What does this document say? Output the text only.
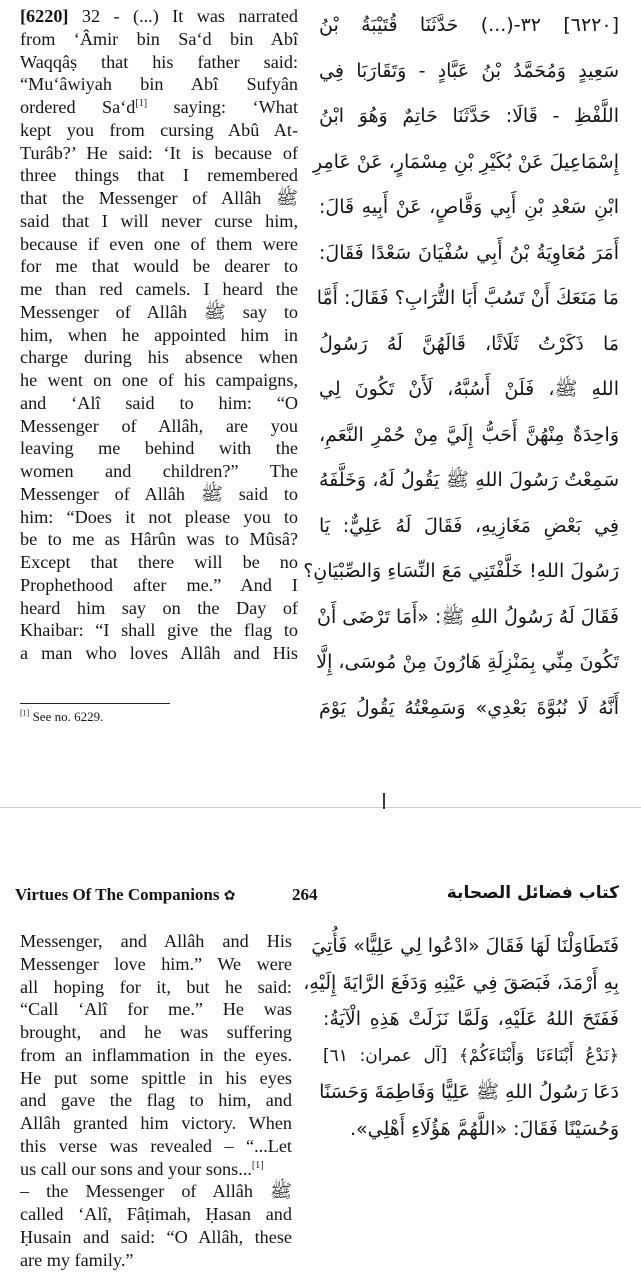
[6220] 32 - (...) It was narrated
from ‘Âmir bin Sa‘d bin Abî
Waqqâṣ that his father said:
“Mu‘âwiyah bin Abî Sufyân
ordered Sa‘d[1] saying: ‘What
kept you from cursing Abû At-
Turâb?’ He said: ‘It is because of
three things that I remembered
that the Messenger of Allâh ﷺ
said that I will never curse him,
because if even one of them were
for me that would be dearer to
me than red camels. I heard the
Messenger of Allâh ﷺ say to
him, when he appointed him in
charge during his absence when
he went on one of his campaigns,
and ‘Alî said to him: “O
Messenger of Allâh, are you
leaving me behind with the
women and children?” The
Messenger of Allâh ﷺ said to
him: “Does it not please you to
be to me as Hârûn was to Mûsâ?
Except that there will be no
Prophethood after me.” And I
heard him say on the Day of
Khaibar: “I shall give the flag to
a man who loves Allâh and His
[٦٢٢٠] ٣٢-(...) حَدَّثَنَا قُتَيْبَةُ بْنُ
سَعِيدٍ وَمُحَمَّدُ بْنُ عَبَّادٍ - وَتَقَارَبَا فِي
اللَّفْظِ - قَالَا: حَدَّثَنَا حَاتِمٌ وَهُوَ ابْنُ
إِسْمَاعِيلَ عَنْ بُكَيْرِ بْنِ مِسْمَارٍ، عَنْ عَامِرِ
ابْنِ سَعْدِ بْنِ أَبِي وَقَّاصٍ، عَنْ أَبِيهِ قَالَ:
أَمَرَ مُعَاوِيَةُ بْنُ أَبِي سُفْيَانَ سَعْدًا فَقَالَ:
مَا مَنَعَكَ أَنْ تَسُبَّ أَبَا التُّرَابِ؟ فَقَالَ: أَمَّا
مَا ذَكَرْتُ ثَلَاثًا، قَالَهُنَّ لَهُ رَسُولُ
اللهِ ﷺ، فَلَنْ أَسُبَّهُ، لَأَنْ تَكُونَ لِي
وَاحِدَةٌ مِنْهُنَّ أَحَبُّ إِلَيَّ مِنْ حُمْرِ النَّعَمِ،
سَمِعْتُ رَسُولَ اللهِ ﷺ يَقُولُ لَهُ، وَخَلَّفَهُ
فِي بَعْضِ مَغَازِيهِ، فَقَالَ لَهُ عَلِيٌّ: يَا
رَسُولَ اللهِ! خَلَّفْتَنِي مَعَ النِّسَاءِ وَالصِّبْيَانِ؟
فَقَالَ لَهُ رَسُولُ اللهِ ﷺ: «أَمَا تَرْضَى أَنْ
تَكُونَ مِنِّي بِمَنْزِلَةِ هَارُونَ مِنْ مُوسَى، إِلَّا
أَنَّهُ لَا نُبُوَّةَ بَعْدِي» وَسَمِعْتُهُ يَقُولُ يَوْمَ
[1] See no. 6229.
Virtues Of The Companions ✿	264	كتاب فضائل الصحابة
Messenger, and Allâh and His
Messenger love him.” We were
all hoping for it, but he said:
“Call ‘Alî for me.” He was
brought, and he was suffering
from an inflammation in the eyes.
He put some spittle in his eyes
and gave the flag to him, and
Allâh granted him victory. When
this verse was revealed – “...Let
us call our sons and your sons...[1]
– the Messenger of Allâh ﷺ
called ‘Alî, Fâṭimah, Ḥasan and
Ḥusain and said: “O Allâh, these
are my family.”
فَتَطَاوَلْنَا لَهَا فَقَالَ «ادْعُوا لِي عَلِيًّا» فَأُتِيَ
بِهِ أَرْمَدَ، فَبَصَقَ فِي عَيْنِهِ وَدَفَعَ الرَّايَةَ إِلَيْهِ،
فَفَتَحَ اللهُ عَلَيْهِ، وَلَمَّا نَزَلَتْ هَذِهِ الْآيَةُ:
﴿نَدْعُ أَبْنَاءَنَا وَأَبْنَاءَكُمْ﴾ [آل عمران: ٦١]
دَعَا رَسُولُ اللهِ ﷺ عَلِيًّا وَفَاطِمَةَ وَحَسَنًا
وَحُسَيْنًا فَقَالَ: «اللَّهُمَّ هَؤُلَاءِ أَهْلِي».
